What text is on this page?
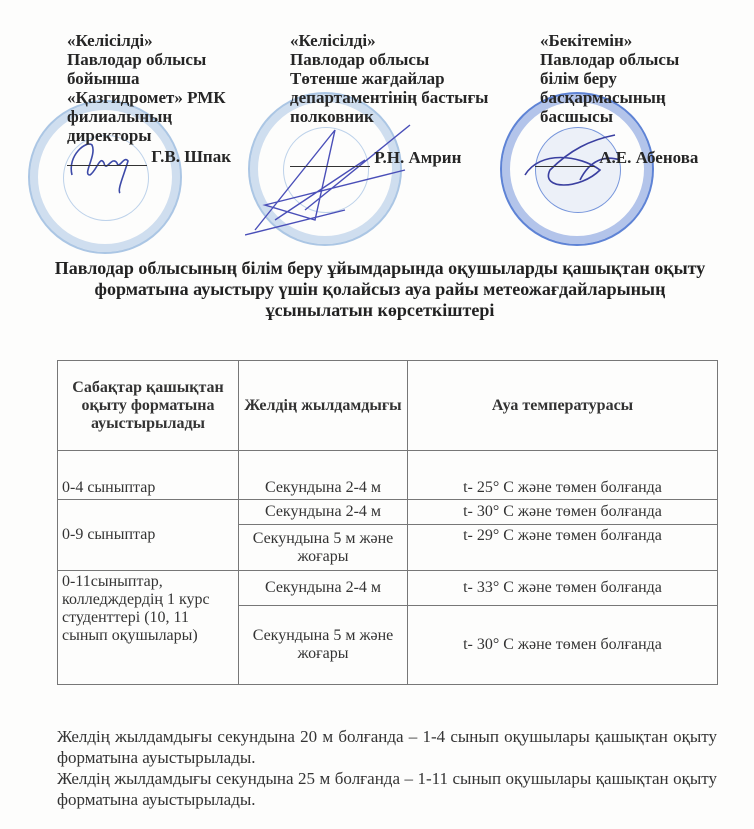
«Келісілді»
Павлодар облысы
бойынша
«Қазгидромет» РМК
филиалының
директоры
Г.В. Шпак
«Келісілді»
Павлодар облысы
Төтенше жағдайлар
департаментінің бастығы
полковник
Р.Н. Амрин
«Бекітемін»
Павлодар облысы
білім беру
басқармасының
басшысы
А.Е. Абенова
Павлодар облысының білім беру ұйымдарында оқушыларды қашықтан оқыту форматына ауыстыру үшін қолайсыз ауа райы метеожағдайларының ұсынылатын көрсеткіштері
Сабақтар қашықтан оқыту форматына ауыстырылады	Желдің жылдамдығы	Ауа температурасы
0-4 сыныптар	Секундына 2-4 м	t- 25° С және төмен болғанда
0-9 сыныптар	Секундына 2-4 м	t- 30° С және төмен болғанда
	Секундына 5 м және жоғары	t- 29° С және төмен болғанда
0-11сыныптар, колледждердің 1 курс студенттері (10, 11 сынып оқушылары)	Секундына 2-4 м	t- 33° С және төмен болғанда
	Секундына 5 м және жоғары	t- 30° С және төмен болғанда

Желдің жылдамдығы секундына 20 м болғанда – 1-4 сынып оқушылары қашықтан оқыту форматына ауыстырылады.

Желдің жылдамдығы секундына 25 м болғанда – 1-11 сынып оқушылары қашықтан оқыту форматына ауыстырылады.
